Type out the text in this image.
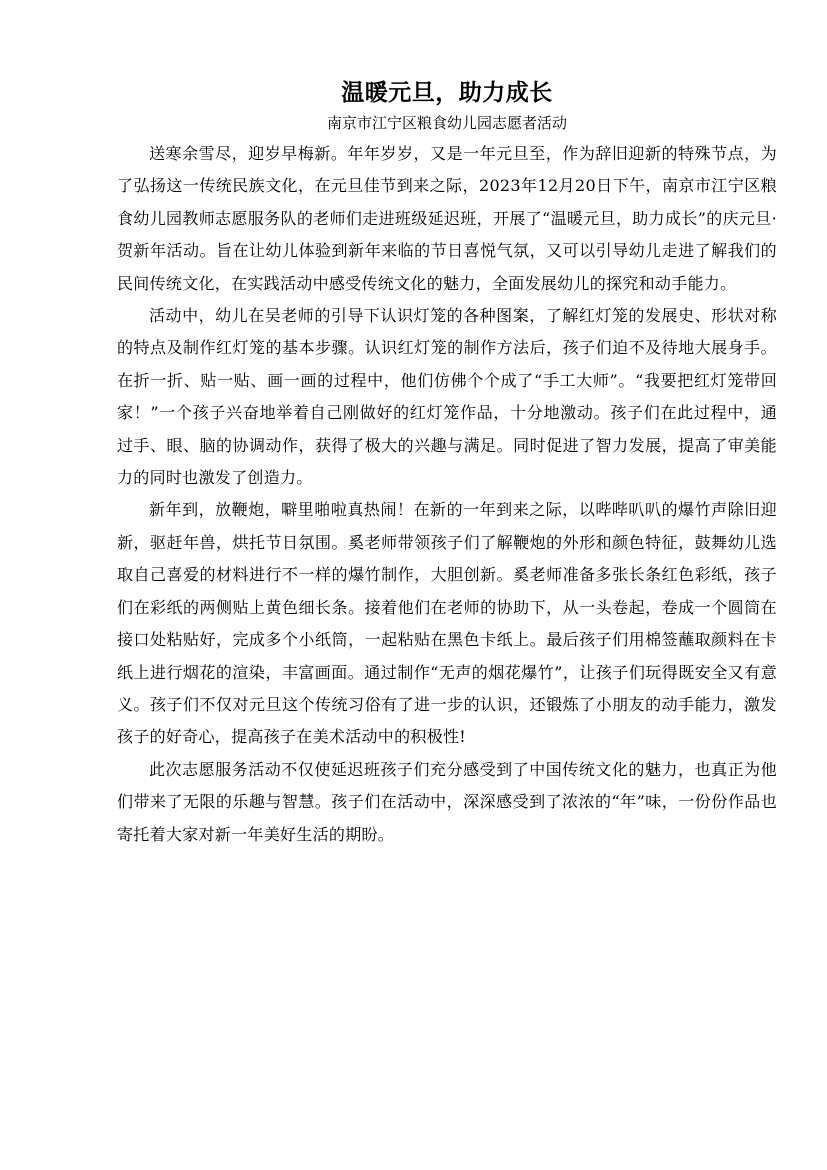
温暖元旦，助力成长

南京市江宁区粮食幼儿园志愿者活动

送寒余雪尽，迎岁早梅新。年年岁岁，又是一年元旦至，作为辞旧迎新的特殊节点，为了弘扬这一传统民族文化，在元旦佳节到来之际，2023年12月20日下午，南京市江宁区粮食幼儿园教师志愿服务队的老师们走进班级延迟班，开展了“温暖元旦，助力成长”的庆元旦·贺新年活动。旨在让幼儿体验到新年来临的节日喜悦气氛，又可以引导幼儿走进了解我们的民间传统文化，在实践活动中感受传统文化的魅力，全面发展幼儿的探究和动手能力。

活动中，幼儿在吴老师的引导下认识灯笼的各种图案，了解红灯笼的发展史、形状对称的特点及制作红灯笼的基本步骤。认识红灯笼的制作方法后，孩子们迫不及待地大展身手。在折一折、贴一贴、画一画的过程中，他们仿佛个个成了“手工大师”。“我要把红灯笼带回家！”一个孩子兴奋地举着自己刚做好的红灯笼作品，十分地激动。孩子们在此过程中，通过手、眼、脑的协调动作，获得了极大的兴趣与满足。同时促进了智力发展，提高了审美能力的同时也激发了创造力。

新年到，放鞭炮，噼里啪啦真热闹！在新的一年到来之际，以哔哔叭叭的爆竹声除旧迎新，驱赶年兽，烘托节日氛围。奚老师带领孩子们了解鞭炮的外形和颜色特征，鼓舞幼儿选取自己喜爱的材料进行不一样的爆竹制作，大胆创新。奚老师准备多张长条红色彩纸，孩子们在彩纸的两侧贴上黄色细长条。接着他们在老师的协助下，从一头卷起，卷成一个圆筒在接口处粘贴好，完成多个小纸筒，一起粘贴在黑色卡纸上。最后孩子们用棉签蘸取颜料在卡纸上进行烟花的渲染，丰富画面。通过制作“无声的烟花爆竹”，让孩子们玩得既安全又有意义。孩子们不仅对元旦这个传统习俗有了进一步的认识，还锻炼了小朋友的动手能力，激发孩子的好奇心，提高孩子在美术活动中的积极性!

此次志愿服务活动不仅使延迟班孩子们充分感受到了中国传统文化的魅力，也真正为他们带来了无限的乐趣与智慧。孩子们在活动中，深深感受到了浓浓的“年”味，一份份作品也寄托着大家对新一年美好生活的期盼。
